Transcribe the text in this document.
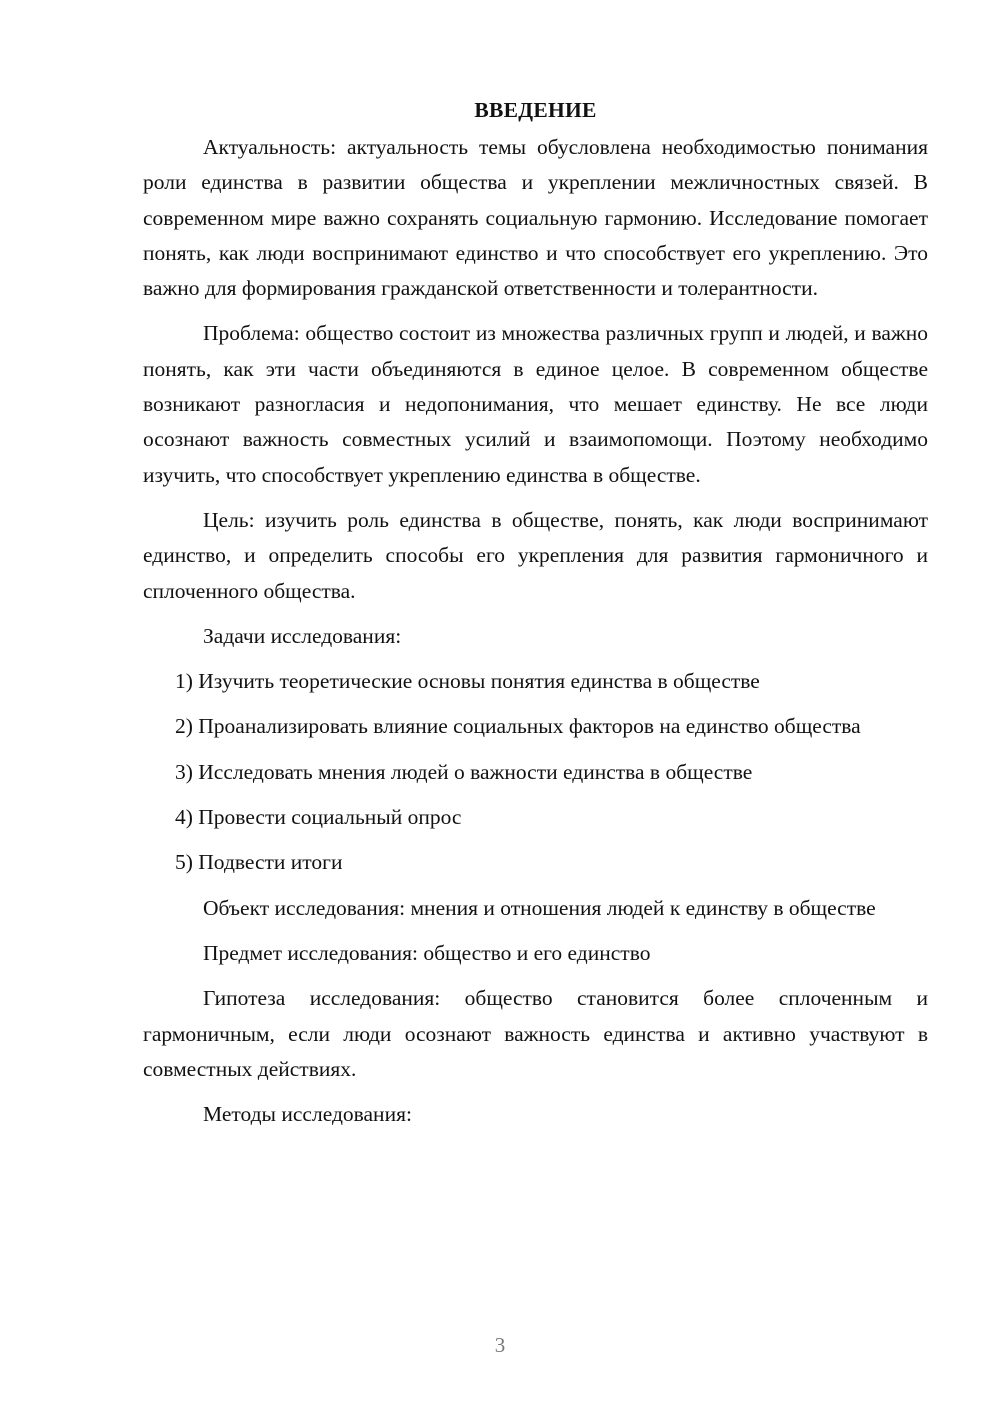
ВВЕДЕНИЕ

Актуальность: актуальность темы обусловлена необходимостью понимания роли единства в развитии общества и укреплении межличностных связей. В современном мире важно сохранять социальную гармонию. Исследование помогает понять, как люди воспринимают единство и что способствует его укреплению. Это важно для формирования гражданской ответственности и толерантности.

Проблема: общество состоит из множества различных групп и людей, и важно понять, как эти части объединяются в единое целое. В современном обществе возникают разногласия и недопонимания, что мешает единству. Не все люди осознают важность совместных усилий и взаимопомощи. Поэтому необходимо изучить, что способствует укреплению единства в обществе.

Цель: изучить роль единства в обществе, понять, как люди воспринимают единство, и определить способы его укрепления для развития гармоничного и сплоченного общества.

Задачи исследования:

1) Изучить теоретические основы понятия единства в обществе

2) Проанализировать влияние социальных факторов на единство общества

3) Исследовать мнения людей о важности единства в обществе

4) Провести социальный опрос

5) Подвести итоги

Объект исследования: мнения и отношения людей к единству в обществе

Предмет исследования: общество и его единство

Гипотеза исследования: общество становится более сплоченным и гармоничным, если люди осознают важность единства и активно участвуют в совместных действиях.

Методы исследования:

3
